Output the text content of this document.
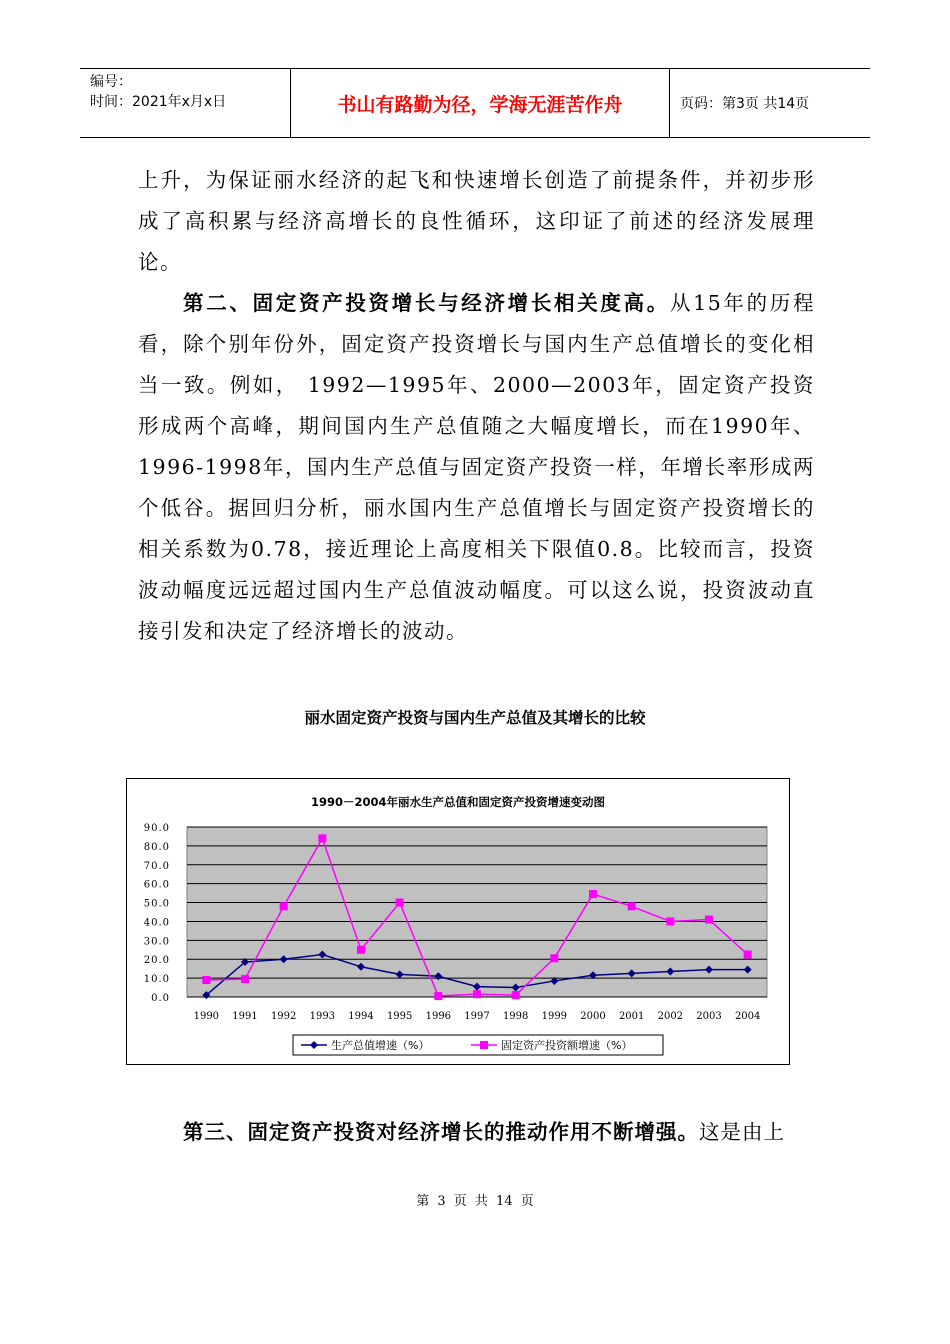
编号：
时间：2021年x月x日	书山有路勤为径，学海无涯苦作舟	页码：第3页 共14页

上升，为保证丽水经济的起飞和快速增长创造了前提条件，并初步形成了高积累与经济高增长的良性循环，这印证了前述的经济发展理论。

第二、固定资产投资增长与经济增长相关度高。从15年的历程看，除个别年份外，固定资产投资增长与国内生产总值增长的变化相当一致。例如， 1992—1995年、2000—2003年，固定资产投资形成两个高峰，期间国内生产总值随之大幅度增长，而在1990年、1996-1998年，国内生产总值与固定资产投资一样，年增长率形成两个低谷。据回归分析，丽水国内生产总值增长与固定资产投资增长的相关系数为0.78，接近理论上高度相关下限值0.8。比较而言，投资波动幅度远远超过国内生产总值波动幅度。可以这么说，投资波动直接引发和决定了经济增长的波动。

丽水固定资产投资与国内生产总值及其增长的比较
1990－2004年丽水生产总值和固定资产投资增速变动图
0.0
10.0
20.0
30.0
40.0
50.0
60.0
70.0
80.0
90.0
1990 1991 1992 1993 1994 1995 1996 1997 1998 1999 2000 2001 2002 2003 2004
生产总值增速（%）	固定资产投资额增速（%）

第三、固定资产投资对经济增长的推动作用不断增强。这是由上

第 3 页 共 14 页
